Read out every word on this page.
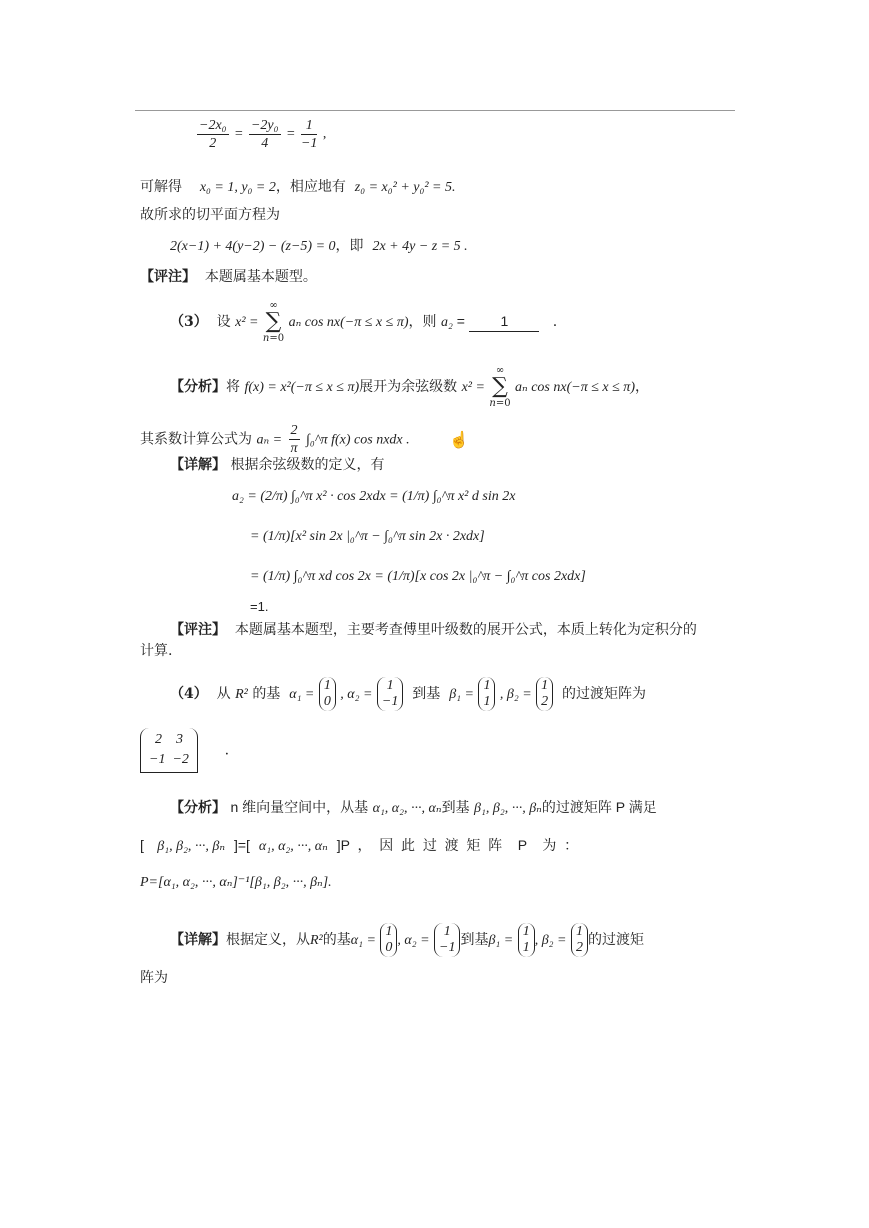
$\frac{\text{−2x₀}}{2} = \frac{\text{−2y₀}}{4} = \frac{1}{-1}$ ,
可解得 x₀ = 1, y₀ = 2，相应地有 z₀ = x₀² + y₀² = 5.
故所求的切平面方程为
2(x−1) + 4(y−2) − (z−5) = 0，即 2x + 4y − z = 5 .
【评注】 本题属基本题型。
（3） 设 x² = ∞
∑
n=0 aₙ cos nx(−π ≤ x ≤ π)，则 a₂ =	1	.
【分析】将 f(x) = x²(−π ≤ x ≤ π)展开为余弦级数 x² = ∞
∑
n=0 aₙ cos nx(−π ≤ x ≤ π)，
其系数计算公式为 $a_n = \frac{2}{\pi}$ ∫₀^π f(x) cos nxdx . ☝
【详解】 根据余弦级数的定义，有
a₂ = (2/π) ∫₀^π x² · cos 2xdx = (1/π) ∫₀^π x² d sin 2x
= (1/π)[x² sin 2x |₀^π − ∫₀^π sin 2x · 2xdx]
= (1/π) ∫₀^π xd cos 2x = (1/π)[x cos 2x |₀^π − ∫₀^π cos 2xdx]
=1.
【评注】 本题属基本题型，主要考查傅里叶级数的展开公式，本质上转化为定积分的
计算.
（4） 从 R² 的基 α₁ =
1
0 , α₂ =
1
−1 到基 β₁ =
1
1 , β₂ =
1
2 的过渡矩阵为
2    3
−1  −2
.
【分析】 n 维向量空间中，从基 α₁, α₂, ···, αₙ到基 β₁, β₂, ···, βₙ的过渡矩阵 P 满足
[ β₁, β₂, ···, βₙ ]=[ α₁, α₂, ···, αₙ ]P  ，  因  此  过  渡  矩  阵    P    为  ：
P=[α₁, α₂, ···, αₙ]⁻¹[β₁, β₂, ···, βₙ].
【详解】根据定义，从R²的基α₁ =
1
0 , α₂ =
1
−1 到基β₁ =
1
1 , β₂ =
1
2 的过渡矩
阵为
